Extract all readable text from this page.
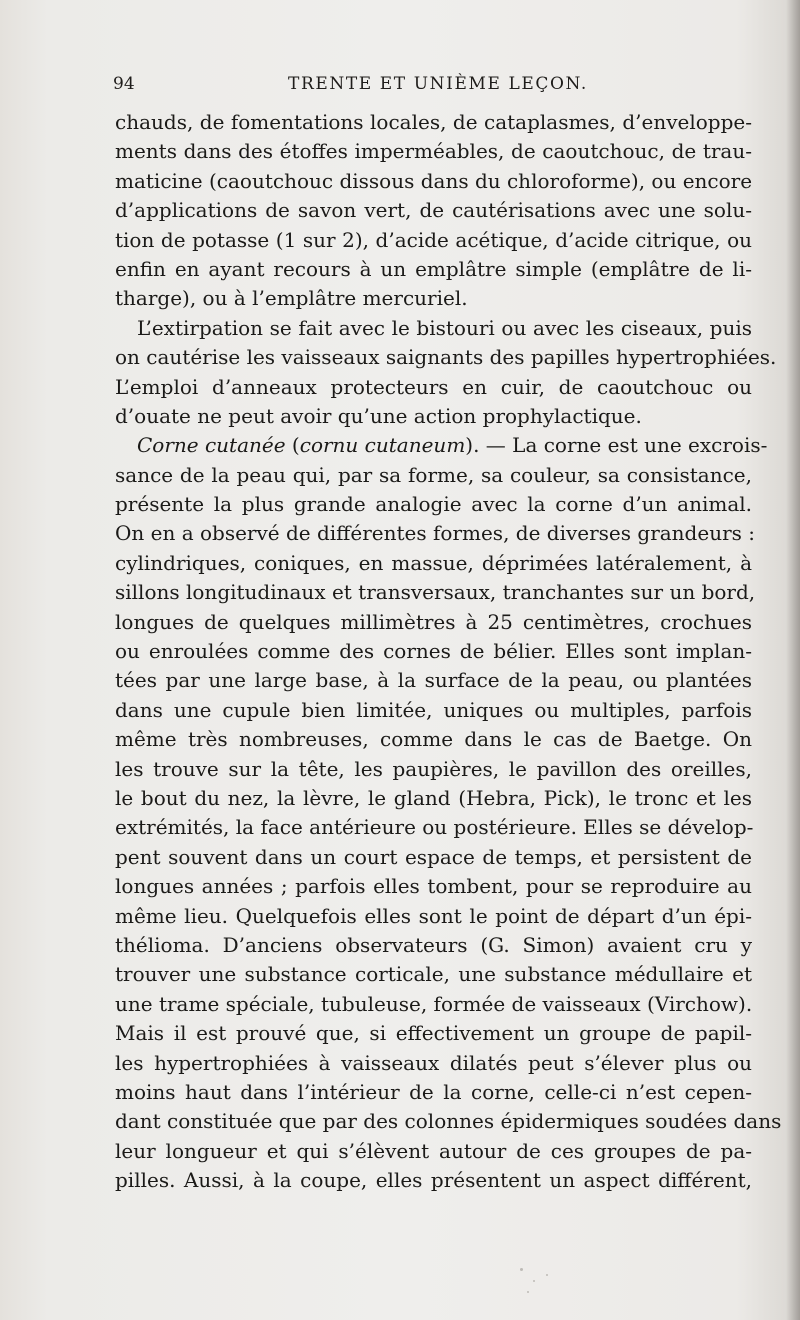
94	TRENTE ET UNIÈME LEÇON.
chauds, de fomentations locales, de cataplasmes, d’enveloppe-
ments dans des étoffes imperméables, de caoutchouc, de trau-
maticine (caoutchouc dissous dans du chloroforme), ou encore
d’applications de savon vert, de cautérisations avec une solu-
tion de potasse (1 sur 2), d’acide acétique, d’acide citrique, ou
enfin en ayant recours à un emplâtre simple (emplâtre de li-
tharge), ou à l’emplâtre mercuriel.
L’extirpation se fait avec le bistouri ou avec les ciseaux, puis
on cautérise les vaisseaux saignants des papilles hypertrophiées.
L’emploi d’anneaux protecteurs en cuir, de caoutchouc ou
d’ouate ne peut avoir qu’une action prophylactique.
Corne cutanée (cornu cutaneum). — La corne est une excrois-
sance de la peau qui, par sa forme, sa couleur, sa consistance,
présente la plus grande analogie avec la corne d’un animal.
On en a observé de différentes formes, de diverses grandeurs :
cylindriques, coniques, en massue, déprimées latéralement, à
sillons longitudinaux et transversaux, tranchantes sur un bord,
longues de quelques millimètres à 25 centimètres, crochues
ou enroulées comme des cornes de bélier. Elles sont implan-
tées par une large base, à la surface de la peau, ou plantées
dans une cupule bien limitée, uniques ou multiples, parfois
même très nombreuses, comme dans le cas de Baetge. On
les trouve sur la tête, les paupières, le pavillon des oreilles,
le bout du nez, la lèvre, le gland (Hebra, Pick), le tronc et les
extrémités, la face antérieure ou postérieure. Elles se dévelop-
pent souvent dans un court espace de temps, et persistent de
longues années ; parfois elles tombent, pour se reproduire au
même lieu. Quelquefois elles sont le point de départ d’un épi-
thélioma. D’anciens observateurs (G. Simon) avaient cru y
trouver une substance corticale, une substance médullaire et
une trame spéciale, tubuleuse, formée de vaisseaux (Virchow).
Mais il est prouvé que, si effectivement un groupe de papil-
les hypertrophiées à vaisseaux dilatés peut s’élever plus ou
moins haut dans l’intérieur de la corne, celle-ci n’est cepen-
dant constituée que par des colonnes épidermiques soudées dans
leur longueur et qui s’élèvent autour de ces groupes de pa-
pilles. Aussi, à la coupe, elles présentent un aspect différent,
